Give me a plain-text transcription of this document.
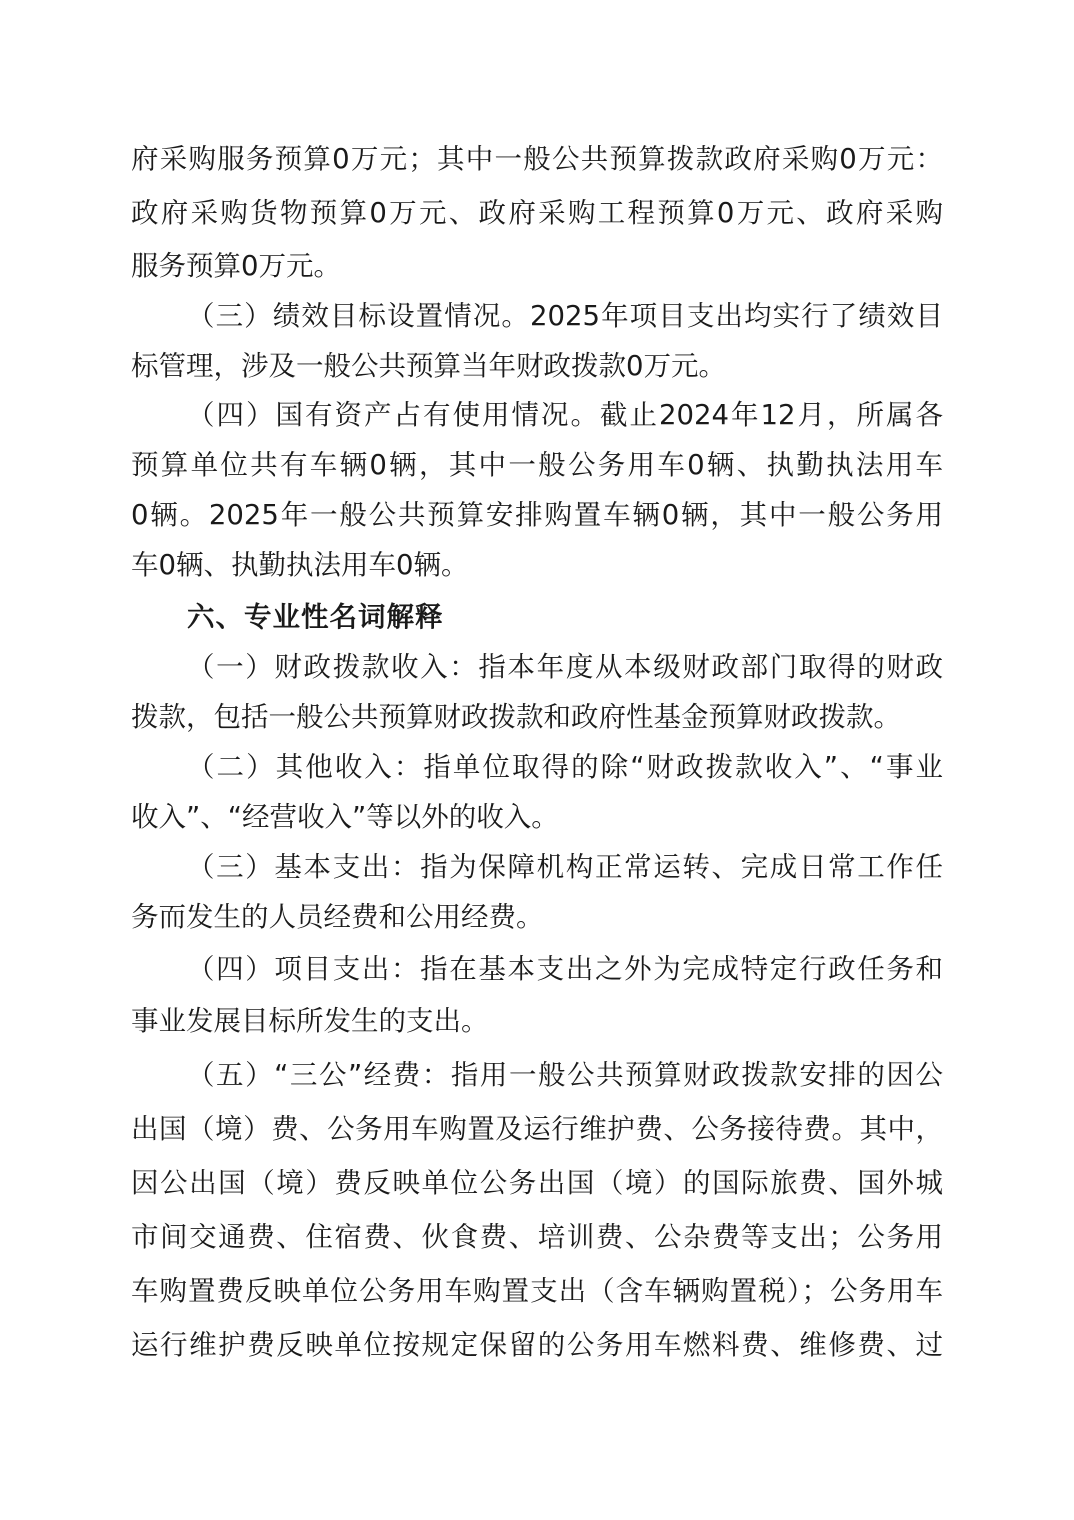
府采购服务预算0万元；其中一般公共预算拨款政府采购0万元：
政府采购货物预算0万元、政府采购工程预算0万元、政府采购
服务预算0万元。
（三）绩效目标设置情况。2025年项目支出均实行了绩效目
标管理，涉及一般公共预算当年财政拨款0万元。
（四）国有资产占有使用情况。截止2024年12月，所属各
预算单位共有车辆0辆，其中一般公务用车0辆、执勤执法用车
0辆。2025年一般公共预算安排购置车辆0辆，其中一般公务用
车0辆、执勤执法用车0辆。
六、专业性名词解释
（一）财政拨款收入：指本年度从本级财政部门取得的财政
拨款，包括一般公共预算财政拨款和政府性基金预算财政拨款。
（二）其他收入：指单位取得的除“财政拨款收入”、“事业
收入”、“经营收入”等以外的收入。
（三）基本支出：指为保障机构正常运转、完成日常工作任
务而发生的人员经费和公用经费。
（四）项目支出：指在基本支出之外为完成特定行政任务和
事业发展目标所发生的支出。
（五）“三公”经费：指用一般公共预算财政拨款安排的因公
出国（境）费、公务用车购置及运行维护费、公务接待费。其中，
因公出国（境）费反映单位公务出国（境）的国际旅费、国外城
市间交通费、住宿费、伙食费、培训费、公杂费等支出；公务用
车购置费反映单位公务用车购置支出（含车辆购置税）；公务用车
运行维护费反映单位按规定保留的公务用车燃料费、维修费、过
